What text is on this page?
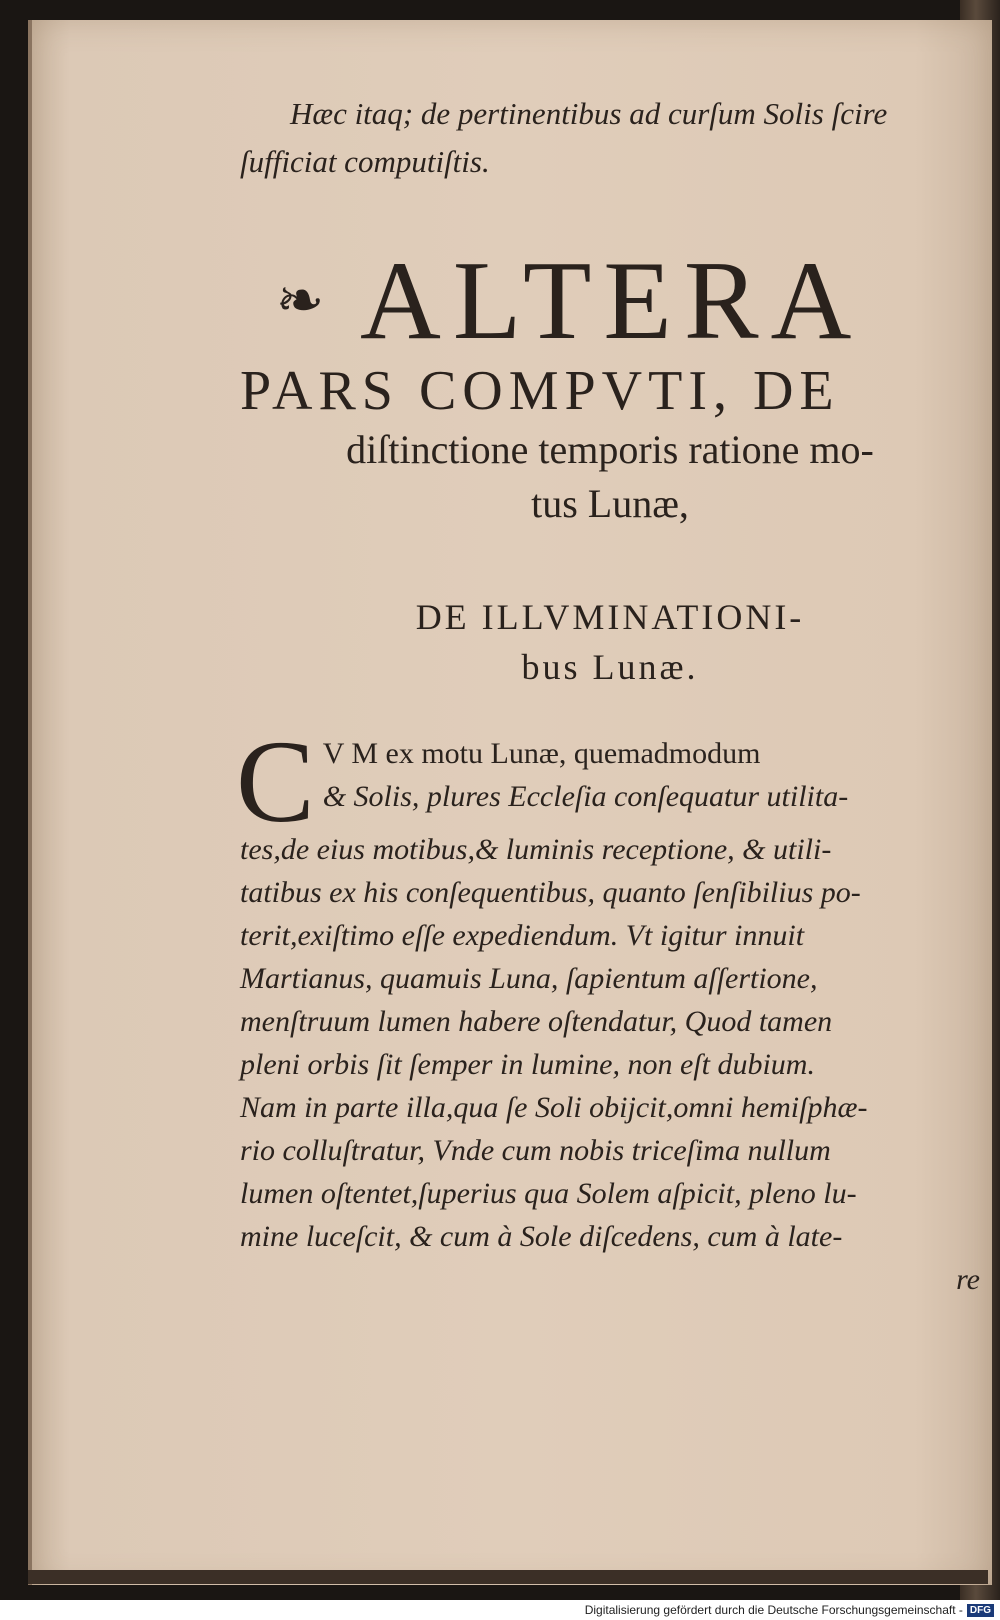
Hæc itaq; de pertinentibus ad curſum Solis ſcire
ſufficiat computiſtis.

❧ ALTERA
PARS COMPVTI, DE
diſtinctione temporis ratione mo-
tus Lunæ,
DE ILLVMINATIONI-
bus Lunæ.
C V M ex motu Lunæ, quemadmodum
& Solis, plures Eccleſia conſequatur utilita-
tes,de eius motibus,& luminis receptione, & utili-
tatibus ex his conſequentibus, quanto ſenſibilius po-
terit,exiſtimo eſſe expediendum. Vt igitur innuit
Martianus, quamuis Luna, ſapientum aſſertione,
menſtruum lumen habere oſtendatur, Quod tamen
pleni orbis ſit ſemper in lumine, non eſt dubium.
Nam in parte illa,qua ſe Soli obijcit,omni hemiſphæ-
rio colluſtratur, Vnde cum nobis triceſima nullum
lumen oſtentet,ſuperius qua Solem aſpicit, pleno lu-
mine luceſcit, & cum à Sole diſcedens, cum à late-
re
Digitalisierung gefördert durch die Deutsche Forschungsgemeinschaft - DFG
